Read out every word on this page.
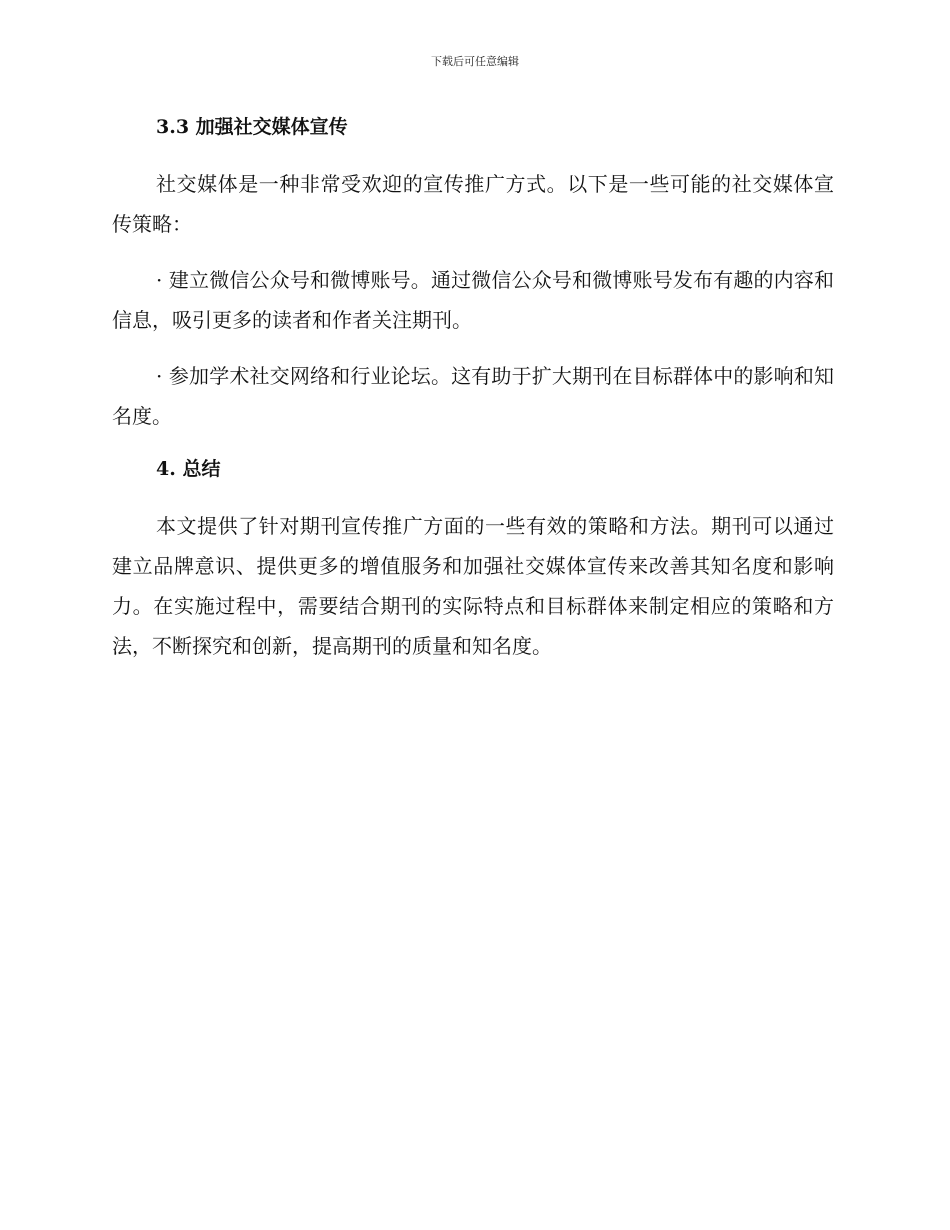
下载后可任意编辑
3.3 加强社交媒体宣传

社交媒体是一种非常受欢迎的宣传推广方式。以下是一些可能的社交媒体宣传策略：

· 建立微信公众号和微博账号。通过微信公众号和微博账号发布有趣的内容和信息，吸引更多的读者和作者关注期刊。

· 参加学术社交网络和行业论坛。这有助于扩大期刊在目标群体中的影响和知名度。

4. 总结

本文提供了针对期刊宣传推广方面的一些有效的策略和方法。期刊可以通过建立品牌意识、提供更多的增值服务和加强社交媒体宣传来改善其知名度和影响力。在实施过程中，需要结合期刊的实际特点和目标群体来制定相应的策略和方法，不断探究和创新，提高期刊的质量和知名度。
